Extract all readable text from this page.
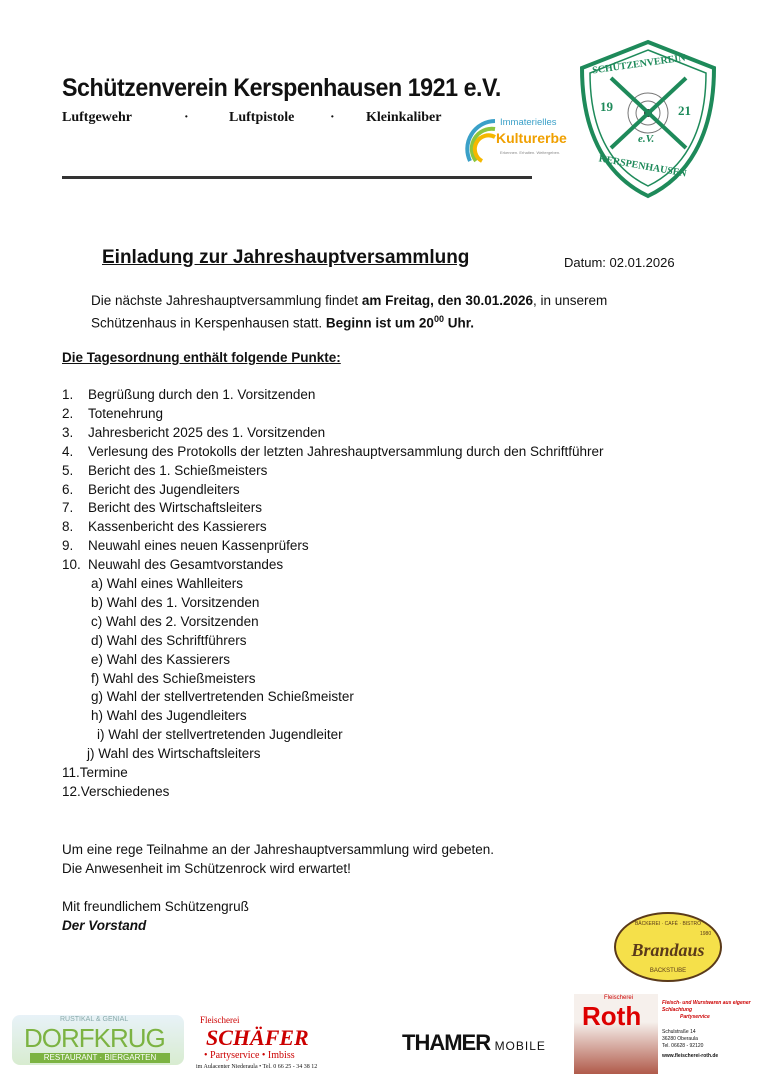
Schützenverein Kerspenhausen 1921 e.V.
Luftgewehr	·	Luftpistole	· Kleinkaliber	Immaterielles
Kulturerbe
Erkennen. Erhalten. Weitergeben.
SCHÜTZENVEREIN
19	21
e.V.
KERSPENHAUSEN
Einladung zur Jahreshauptversammlung	Datum: 02.01.2026
Die nächste Jahreshauptversammlung findet am Freitag, den 30.01.2026, in unserem
Schützenhaus in Kerspenhausen statt. Beginn ist um $20^{00}$ Uhr.
Die Tagesordnung enthält folgende Punkte:
1. Begrüßung durch den 1. Vorsitzenden
2. Totenehrung
3. Jahresbericht 2025 des 1. Vorsitzenden
4. Verlesung des Protokolls der letzten Jahreshauptversammlung durch den Schriftführer
5. Bericht des 1. Schießmeisters
6. Bericht des Jugendleiters
7. Bericht des Wirtschaftsleiters
8. Kassenbericht des Kassierers
9. Neuwahl eines neuen Kassenprüfers
10. Neuwahl des Gesamtvorstandes
a) Wahl eines Wahlleiters
b) Wahl des 1. Vorsitzenden
c) Wahl des 2. Vorsitzenden
d) Wahl des Schriftführers
e) Wahl des Kassierers
f) Wahl des Schießmeisters
g) Wahl der stellvertretenden Schießmeister
h) Wahl des Jugendleiters
i) Wahl der stellvertretenden Jugendleiter
j) Wahl des Wirtschaftsleiters
11.Termine
12.Verschiedenes
Um eine rege Teilnahme an der Jahreshauptversammlung wird gebeten.
Die Anwesenheit im Schützenrock wird erwartet!
Mit freundlichem Schützengruß
Der Vorstand	BÄCKEREI · CAFÉ · BISTRO
1980
Brandaus
BACKSTUBE
RUSTIKAL & GENIAL
DORFKRUG
RESTAURANT · BIERGARTEN
Fleischerei
SCHÄFER
• Partyservice • Imbiss
im Aulacenter Niederaula • Tel. 0 66 25 - 34 38 12
THAMER MOBILE
Fleischerei
Roth	Fleisch- und Wurstwaren aus eigener Schlachtung
Partyservice
Schulstraße 14
36280 Oberaula
Tel. 06628 - 92120
www.fleischerei-roth.de
